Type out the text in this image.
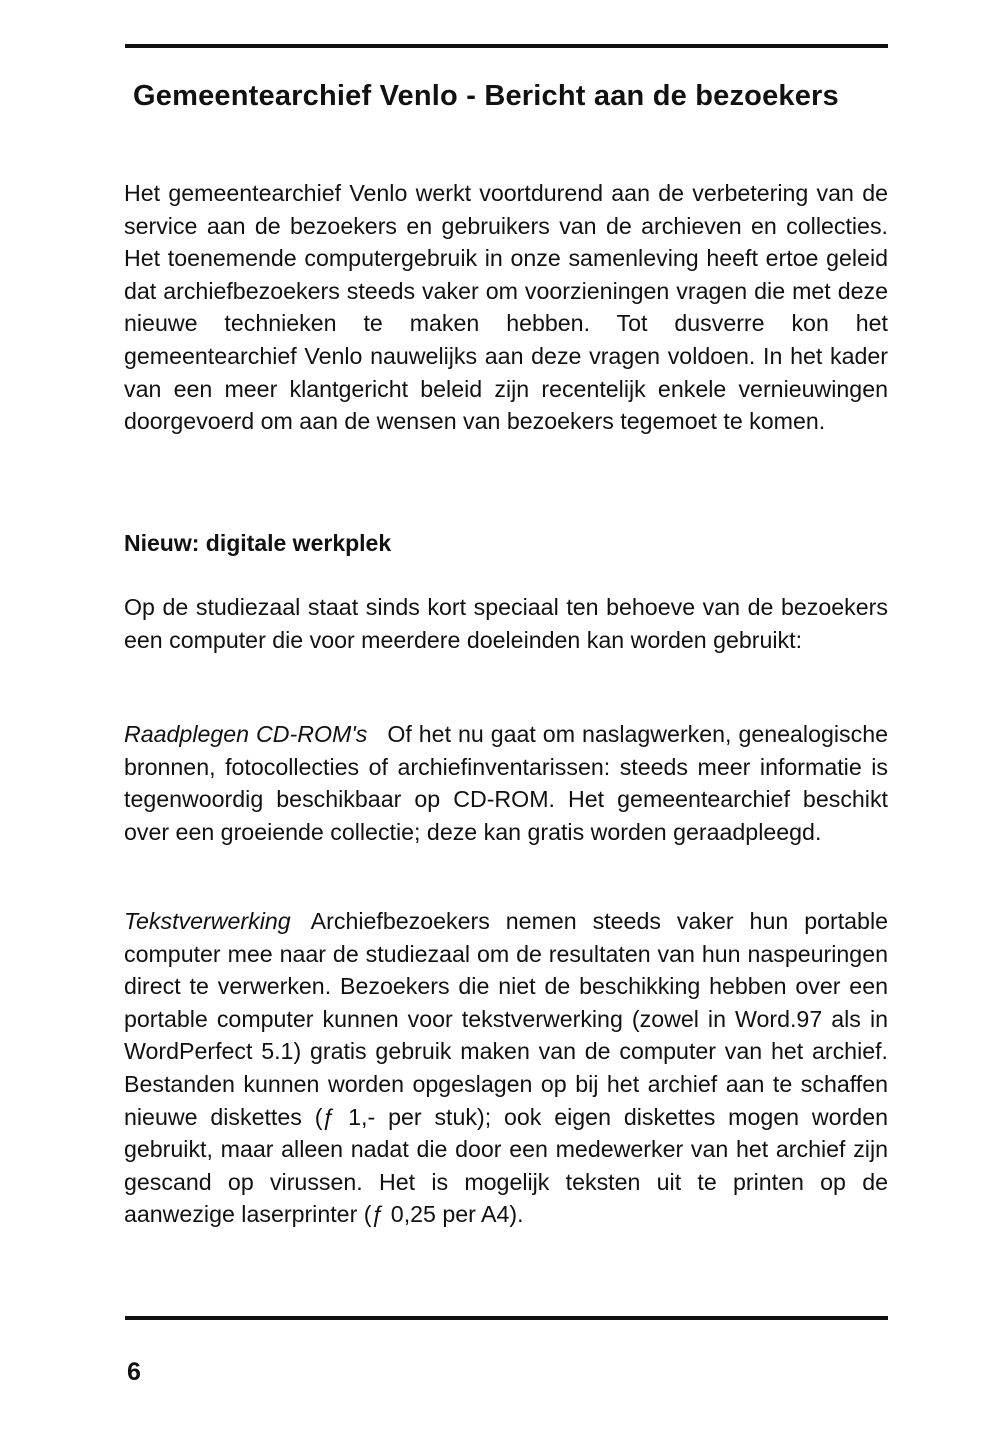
Gemeentearchief Venlo - Bericht aan de bezoekers

Het gemeentearchief Venlo werkt voortdurend aan de verbetering van de service aan de bezoekers en gebruikers van de archieven en collecties. Het toenemende computergebruik in onze samenleving heeft ertoe geleid dat archiefbezoekers steeds vaker om voorzieningen vragen die met deze nieuwe technieken te maken hebben. Tot dusverre kon het gemeentearchief Venlo nauwelijks aan deze vragen voldoen. In het kader van een meer klantgericht beleid zijn recentelijk enkele vernieuwingen doorgevoerd om aan de wensen van bezoekers tegemoet te komen.

Nieuw: digitale werkplek

Op de studiezaal staat sinds kort speciaal ten behoeve van de bezoekers een computer die voor meerdere doeleinden kan worden gebruikt:

Raadplegen CD-ROM's Of het nu gaat om naslagwerken, genealogische bronnen, fotocollecties of archiefinventarissen: steeds meer informatie is tegenwoordig beschikbaar op CD-ROM. Het gemeentearchief beschikt over een groeiende collectie; deze kan gratis worden geraadpleegd.

Tekstverwerking Archiefbezoekers nemen steeds vaker hun portable computer mee naar de studiezaal om de resultaten van hun naspeuringen direct te verwerken. Bezoekers die niet de beschikking hebben over een portable computer kunnen voor tekstverwerking (zowel in Word.97 als in WordPerfect 5.1) gratis gebruik maken van de computer van het archief. Bestanden kunnen worden opgeslagen op bij het archief aan te schaffen nieuwe diskettes (ƒ 1,- per stuk); ook eigen diskettes mogen worden gebruikt, maar alleen nadat die door een medewerker van het archief zijn gescand op virussen. Het is mogelijk teksten uit te printen op de aanwezige laserprinter (ƒ 0,25 per A4).

6
